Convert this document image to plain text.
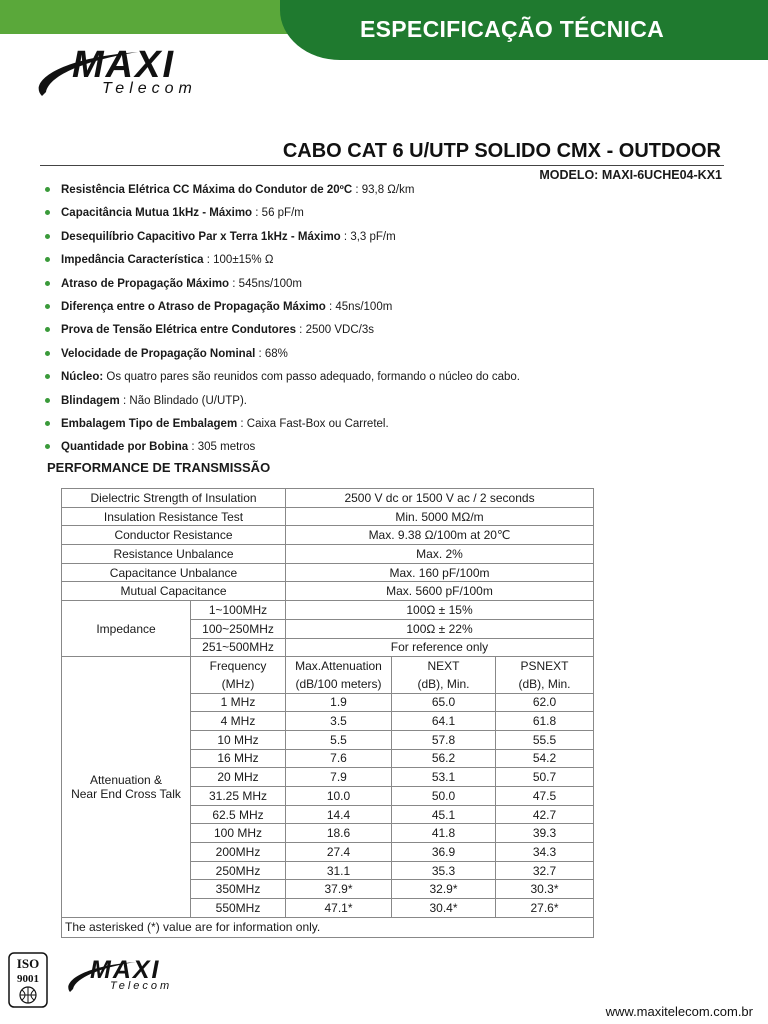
ESPECIFICAÇÃO TÉCNICA
MAXI
Telecom
CABO CAT 6 U/UTP SOLIDO CMX - OUTDOOR
MODELO: MAXI-6UCHE04-KX1
Resistência Elétrica CC Máxima do Condutor de 20ºC : 93,8 Ω/km
Capacitância Mutua 1kHz - Máximo : 56 pF/m
Desequilíbrio Capacitivo Par x Terra 1kHz - Máximo : 3,3 pF/m
Impedância Característica : 100±15% Ω
Atraso de Propagação Máximo : 545ns/100m
Diferença entre o Atraso de Propagação Máximo : 45ns/100m
Prova de Tensão Elétrica entre Condutores : 2500 VDC/3s
Velocidade de Propagação Nominal : 68%
Núcleo: Os quatro pares são reunidos com passo adequado, formando o núcleo do cabo.
Blindagem : Não Blindado (U/UTP).
Embalagem Tipo de Embalagem : Caixa Fast-Box ou Carretel.
Quantidade por Bobina : 305 metros
PERFORMANCE DE TRANSMISSÃO
Dielectric Strength of Insulation		2500 V dc or 1500 V ac / 2 seconds		
Insulation Resistance Test		Min. 5000 MΩ/m		
Conductor Resistance		Max. 9.38 Ω/100m at 20℃		
Resistance Unbalance		Max. 2%		
Capacitance Unbalance		Max. 160 pF/100m		
Mutual Capacitance		Max. 5600 pF/100m		
Impedance	1~100MHz	100Ω ± 15%		
	100~250MHz	100Ω ± 22%		
	251~500MHz	For reference only		
Attenuation &
Near End Cross Talk	Frequency	Max.Attenuation	NEXT	PSNEXT
	(MHz)	(dB/100 meters)	(dB), Min.	(dB), Min.
	1 MHz	1.9	65.0	62.0
	4 MHz	3.5	64.1	61.8
	10 MHz	5.5	57.8	55.5
	16 MHz	7.6	56.2	54.2
	20 MHz	7.9	53.1	50.7
	31.25 MHz	10.0	50.0	47.5
	62.5 MHz	14.4	45.1	42.7
	100 MHz	18.6	41.8	39.3
	200MHz	27.4	36.9	34.3
	250MHz	31.1	35.3	32.7
	350MHz	37.9*	32.9*	30.3*
	550MHz	47.1*	30.4*	27.6*
The asterisked (*) value are for information only.				
ISO
9001 MAXI
Telecom
www.maxitelecom.com.br
